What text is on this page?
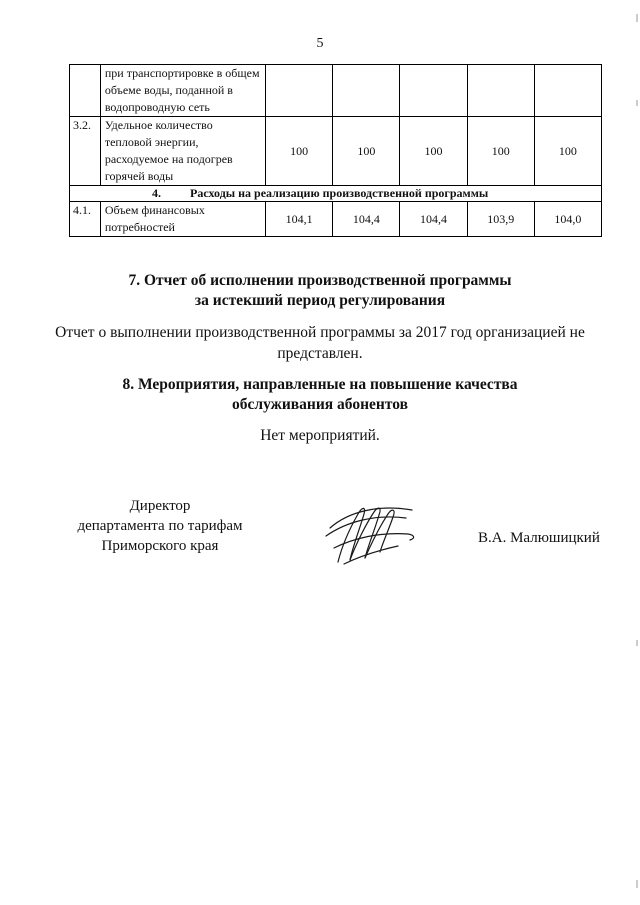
5
	при транспортировке в общем объеме воды, поданной в водопроводную сеть					
3.2.	Удельное количество тепловой энергии, расходуемое на подогрев горячей воды	100	100	100	100	100
4. Расходы на реализацию производственной программы						
4.1.	Объем финансовых потребностей	104,1	104,4	104,4	103,9	104,0
7. Отчет об исполнении производственной программы
за истекший период регулирования
Отчет о выполнении производственной программы за 2017 год организацией не
представлен.
8. Мероприятия, направленные на повышение качества
обслуживания абонентов
Нет мероприятий.
Директор
департамента по тарифам
Приморского края	В.А. Малюшицкий
